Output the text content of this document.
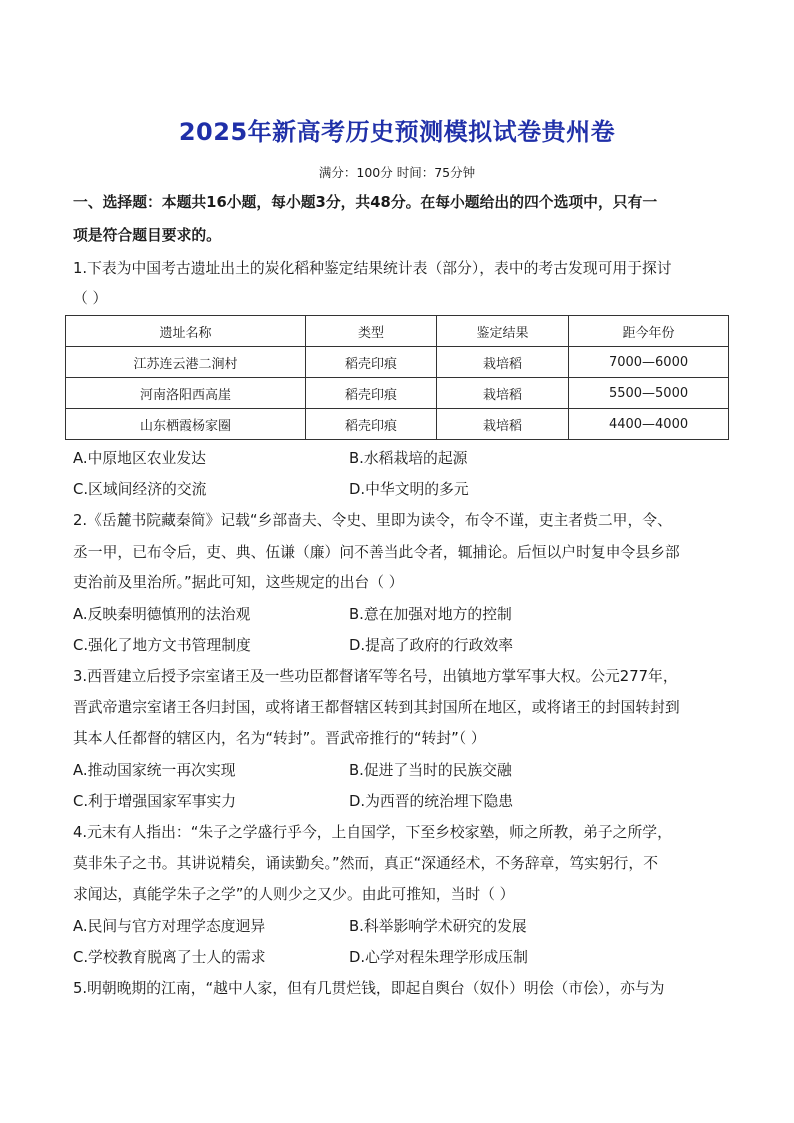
2025年新高考历史预测模拟试卷贵州卷
满分：100分 时间：75分钟
一、选择题：本题共16小题，每小题3分，共48分。在每小题给出的四个选项中，只有一
项是符合题目要求的。
1.下表为中国考古遗址出土的炭化稻种鉴定结果统计表（部分），表中的考古发现可用于探讨
（ ）
遗址名称	类型	鉴定结果	距今年份
江苏连云港二涧村	稻壳印痕	栽培稻	7000—6000
河南洛阳西高崖	稻壳印痕	栽培稻	5500—5000
山东栖霞杨家圈	稻壳印痕	栽培稻	4400—4000
A.中原地区农业发达	B.水稻栽培的起源
C.区域间经济的交流	D.中华文明的多元
2.《岳麓书院藏秦简》记载“乡部啬夫、令史、里即为读令，布令不谨，吏主者赀二甲，令、
丞一甲，已布令后，吏、典、伍谦（廉）问不善当此令者，辄捕论。后恒以户时复申令县乡部
吏治前及里治所。”据此可知，这些规定的出台（ ）
A.反映秦明德慎刑的法治观	B.意在加强对地方的控制
C.强化了地方文书管理制度	D.提高了政府的行政效率
3.西晋建立后授予宗室诸王及一些功臣都督诸军等名号，出镇地方掌军事大权。公元277年，
晋武帝遣宗室诸王各归封国，或将诸王都督辖区转到其封国所在地区，或将诸王的封国转封到
其本人任都督的辖区内，名为“转封”。晋武帝推行的“转封”（ ）
A.推动国家统一再次实现	B.促进了当时的民族交融
C.利于增强国家军事实力	D.为西晋的统治埋下隐患
4.元末有人指出：“朱子之学盛行乎今，上自国学，下至乡校家塾，师之所教，弟子之所学，
莫非朱子之书。其讲说精矣，诵读勤矣。”然而，真正“深通经术，不务辞章，笃实躬行，不
求闻达，真能学朱子之学”的人则少之又少。由此可推知，当时（ ）
A.民间与官方对理学态度迥异	B.科举影响学术研究的发展
C.学校教育脱离了士人的需求	D.心学对程朱理学形成压制
5.明朝晚期的江南，“越中人家，但有几贯烂钱，即起自舆台（奴仆）明侩（市侩），亦与为
